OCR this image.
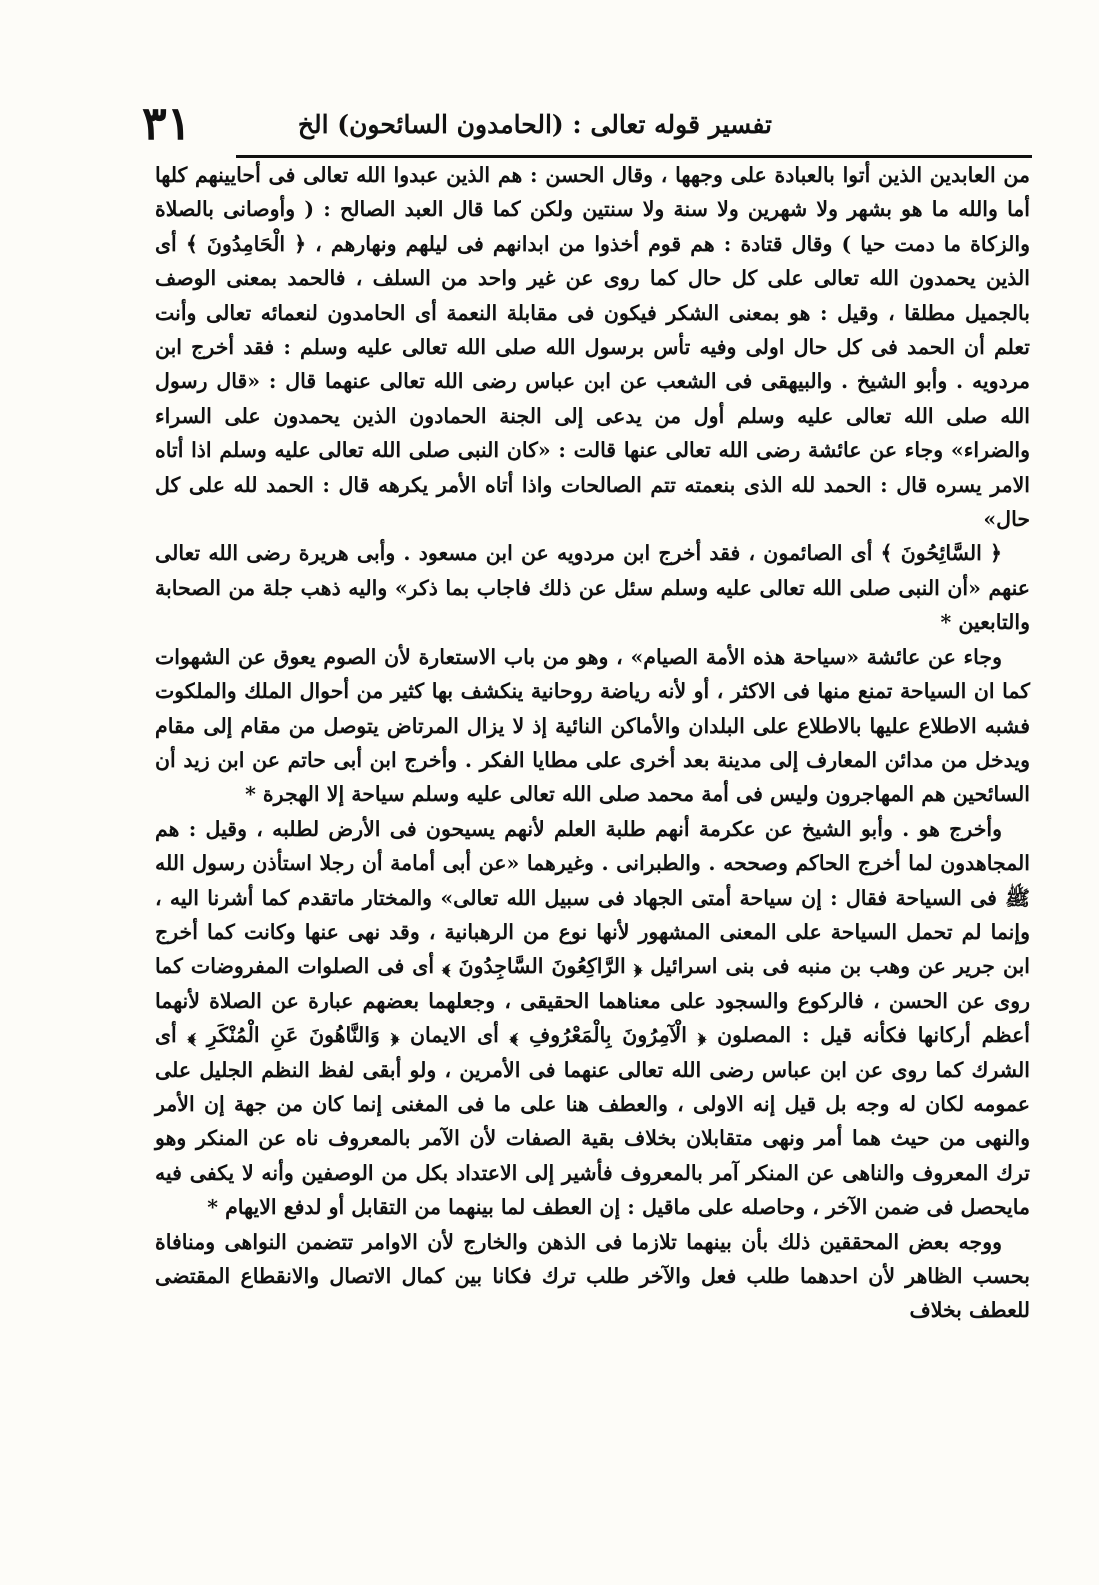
تفسير قوله تعالى : (الحامدون السائحون) الخ
٣١

من العابدين الذين أتوا بالعبادة على وجهها ، وقال الحسن : هم الذين عبدوا الله تعالى فى أحايينهم كلها أما والله ما هو بشهر ولا شهرين ولا سنة ولا سنتين ولكن كما قال العبد الصالح : ( وأوصانى بالصلاة والزكاة ما دمت حيا ) وقال قتادة : هم قوم أخذوا من ابدانهم فى ليلهم ونهارهم ، ﴿ الْحَامِدُونَ ﴾ أى الذين يحمدون الله تعالى على كل حال كما روى عن غير واحد من السلف ، فالحمد بمعنى الوصف بالجميل مطلقا ، وقيل : هو بمعنى الشكر فيكون فى مقابلة النعمة أى الحامدون لنعمائه تعالى وأنت تعلم أن الحمد فى كل حال اولى وفيه تأس برسول الله صلى الله تعالى عليه وسلم : فقد أخرج ابن مردويه . وأبو الشيخ . والبيهقى فى الشعب عن ابن عباس رضى الله تعالى عنهما قال : «قال رسول الله صلى الله تعالى عليه وسلم أول من يدعى إلى الجنة الحمادون الذين يحمدون على السراء والضراء» وجاء عن عائشة رضى الله تعالى عنها قالت : «كان النبى صلى الله تعالى عليه وسلم اذا أتاه الامر يسره قال : الحمد لله الذى بنعمته تتم الصالحات واذا أتاه الأمر يكرهه قال : الحمد لله على كل حال»

﴿ السَّائِحُونَ ﴾ أى الصائمون ، فقد أخرج ابن مردويه عن ابن مسعود . وأبى هريرة رضى الله تعالى عنهم «أن النبى صلى الله تعالى عليه وسلم سئل عن ذلك فاجاب بما ذكر» واليه ذهب جلة من الصحابة والتابعين *

وجاء عن عائشة «سياحة هذه الأمة الصيام» ، وهو من باب الاستعارة لأن الصوم يعوق عن الشهوات كما ان السياحة تمنع منها فى الاكثر ، أو لأنه رياضة روحانية ينكشف بها كثير من أحوال الملك والملكوت فشبه الاطلاع عليها بالاطلاع على البلدان والأماكن النائية إذ لا يزال المرتاض يتوصل من مقام إلى مقام ويدخل من مدائن المعارف إلى مدينة بعد أخرى على مطايا الفكر . وأخرج ابن أبى حاتم عن ابن زيد أن السائحين هم المهاجرون وليس فى أمة محمد صلى الله تعالى عليه وسلم سياحة إلا الهجرة *

وأخرج هو . وأبو الشيخ عن عكرمة أنهم طلبة العلم لأنهم يسيحون فى الأرض لطلبه ، وقيل : هم المجاهدون لما أخرج الحاكم وصححه . والطبرانى . وغيرهما «عن أبى أمامة أن رجلا استأذن رسول الله ﷺ فى السياحة فقال : إن سياحة أمتى الجهاد فى سبيل الله تعالى» والمختار ماتقدم كما أشرنا اليه ، وإنما لم تحمل السياحة على المعنى المشهور لأنها نوع من الرهبانية ، وقد نهى عنها وكانت كما أخرج ابن جرير عن وهب بن منبه فى بنى اسرائيل ﴿ الرَّاكِعُونَ السَّاجِدُونَ ﴾ أى فى الصلوات المفروضات كما روى عن الحسن ، فالركوع والسجود على معناهما الحقيقى ، وجعلهما بعضهم عبارة عن الصلاة لأنهما أعظم أركانها فكأنه قيل : المصلون ﴿ الْآمِرُونَ بِالْمَعْرُوفِ ﴾ أى الايمان ﴿ وَالنَّاهُونَ عَنِ الْمُنْكَرِ ﴾ أى الشرك كما روى عن ابن عباس رضى الله تعالى عنهما فى الأمرين ، ولو أبقى لفظ النظم الجليل على عمومه لكان له وجه بل قيل إنه الاولى ، والعطف هنا على ما فى المغنى إنما كان من جهة إن الأمر والنهى من حيث هما أمر ونهى متقابلان بخلاف بقية الصفات لأن الآمر بالمعروف ناه عن المنكر وهو ترك المعروف والناهى عن المنكر آمر بالمعروف فأشير إلى الاعتداد بكل من الوصفين وأنه لا يكفى فيه مايحصل فى ضمن الآخر ، وحاصله على ماقيل : إن العطف لما بينهما من التقابل أو لدفع الايهام *

ووجه بعض المحققين ذلك بأن بينهما تلازما فى الذهن والخارج لأن الاوامر تتضمن النواهى ومنافاة بحسب الظاهر لأن احدهما طلب فعل والآخر طلب ترك فكانا بين كمال الاتصال والانقطاع المقتضى للعطف بخلاف
